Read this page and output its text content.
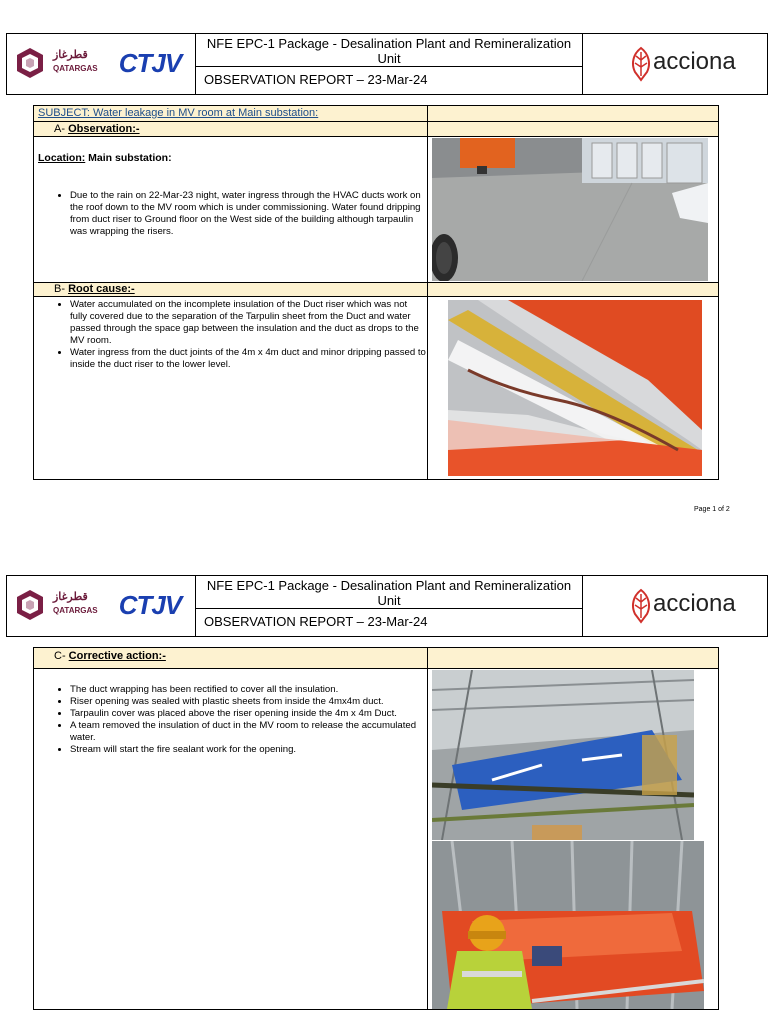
قطرغاز
QATARGAS CTJV
NFE EPC-1 Package - Desalination Plant and Remineralization
Unit
OBSERVATION REPORT – 23-Mar-24
acciona
SUBJECT: Water leakage in MV room at Main substation:
A- Observation:-
Location: Main substation:
• Due to the rain on 22-Mar-23 night, water ingress through the HVAC ducts work on the roof down to the MV room which is under commissioning. Water found dripping from duct riser to Ground floor on the West side of the building although tarpaulin was wrapping the risers.
B- Root cause:-
• Water accumulated on the incomplete insulation of the Duct riser which was not fully covered due to the separation of the Tarpulin sheet from the Duct and water passed through the space gap between the insulation and the duct as drops to the MV room.
• Water ingress from the duct joints of the 4m x 4m duct and minor dripping passed to inside the duct riser to the lower level.
Page 1 of 2
قطرغاز
QATARGAS CTJV
NFE EPC-1 Package - Desalination Plant and Remineralization
Unit
OBSERVATION REPORT – 23-Mar-24
acciona
C- Corrective action:-
• The duct wrapping has been rectified to cover all the insulation.
• Riser opening was sealed with plastic sheets from inside the 4mx4m duct.
• Tarpaulin cover was placed above the riser opening inside the 4m x 4m Duct.
• A team removed the insulation of duct in the MV room to release the accumulated water.
• Stream will start the fire sealant work for the opening.
